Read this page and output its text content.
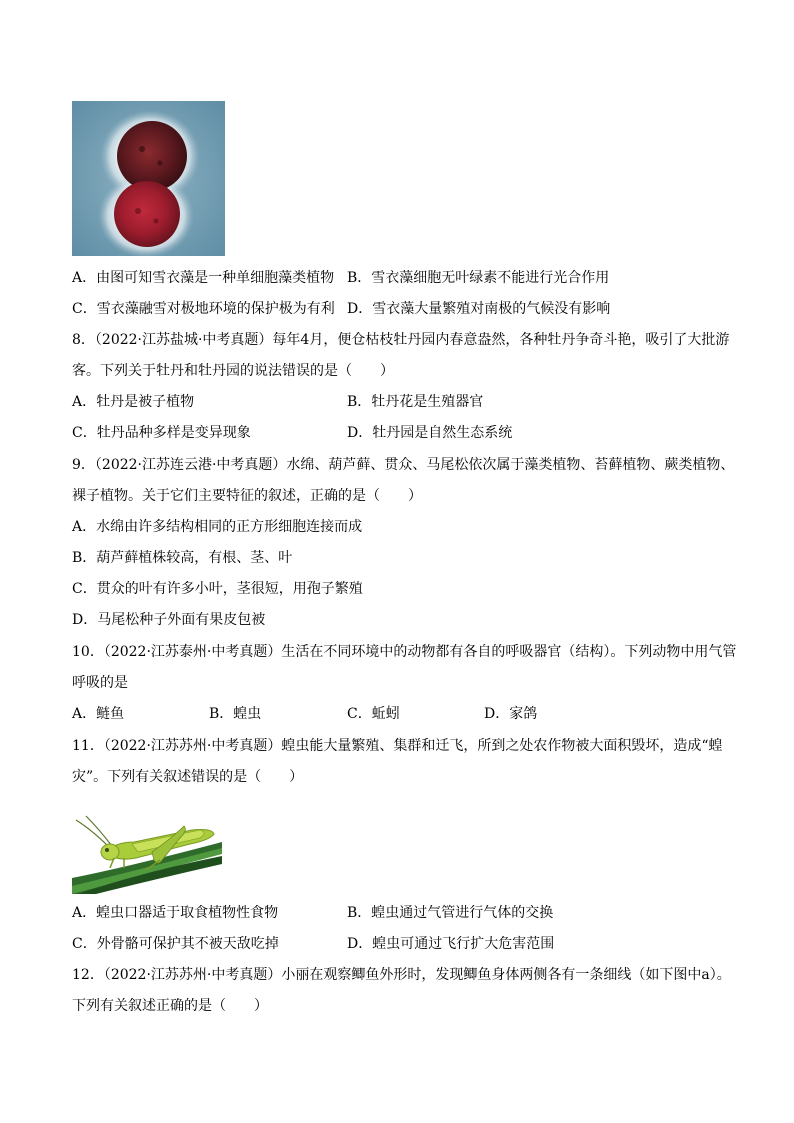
A．由图可知雪衣藻是一种单细胞藻类植物 B．雪衣藻细胞无叶绿素不能进行光合作用
C．雪衣藻融雪对极地环境的保护极为有利 D．雪衣藻大量繁殖对南极的气候没有影响
8．（2022·江苏盐城·中考真题）每年4月，便仓枯枝牡丹园内春意盎然，各种牡丹争奇斗艳，吸引了大批游
客。下列关于牡丹和牡丹园的说法错误的是（　　）
A．牡丹是被子植物	B．牡丹花是生殖器官
C．牡丹品种多样是变异现象	D．牡丹园是自然生态系统
9．（2022·江苏连云港·中考真题）水绵、葫芦藓、贯众、马尾松依次属于藻类植物、苔藓植物、蕨类植物、
裸子植物。关于它们主要特征的叙述，正确的是（　　）
A．水绵由许多结构相同的正方形细胞连接而成
B．葫芦藓植株较高，有根、茎、叶
C．贯众的叶有许多小叶，茎很短，用孢子繁殖
D．马尾松种子外面有果皮包被
10．（2022·江苏泰州·中考真题）生活在不同环境中的动物都有各自的呼吸器官（结构）。下列动物中用气管
呼吸的是
A．鲢鱼	B．蝗虫	C．蚯蚓	D．家鸽
11．（2022·江苏苏州·中考真题）蝗虫能大量繁殖、集群和迁飞，所到之处农作物被大面积毁坏，造成“蝗
灾”。下列有关叙述错误的是（　　）
A．蝗虫口器适于取食植物性食物	B．蝗虫通过气管进行气体的交换
C．外骨骼可保护其不被天敌吃掉	D．蝗虫可通过飞行扩大危害范围
12．（2022·江苏苏州·中考真题）小丽在观察鲫鱼外形时，发现鲫鱼身体两侧各有一条细线（如下图中a）。
下列有关叙述正确的是（　　）
